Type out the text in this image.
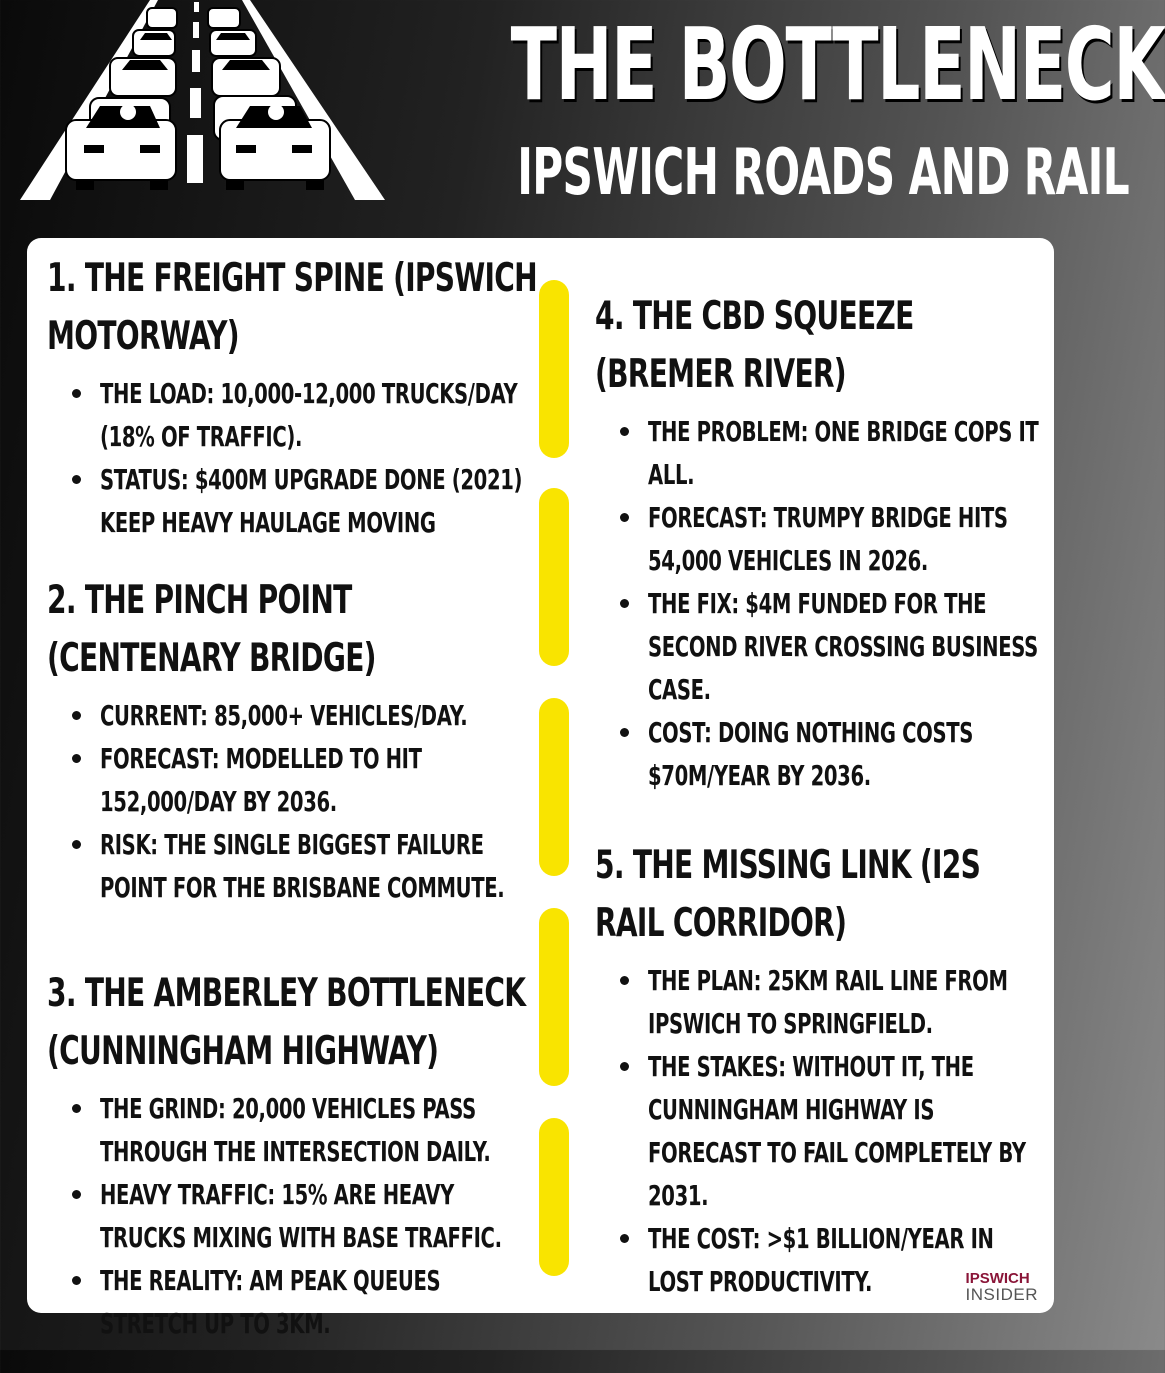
THE BOTTLENECK
IPSWICH ROADS AND RAIL
1. THE FREIGHT SPINE (IPSWICH MOTORWAY)
THE LOAD: 10,000-12,000 TRUCKS/DAY (18% OF TRAFFIC).
STATUS: $400M UPGRADE DONE (2021) KEEP HEAVY HAULAGE MOVING
2. THE PINCH POINT (CENTENARY BRIDGE)
CURRENT: 85,000+ VEHICLES/DAY.
FORECAST: MODELLED TO HIT 152,000/DAY BY 2036.
RISK: THE SINGLE BIGGEST FAILURE POINT FOR THE BRISBANE COMMUTE.
3. THE AMBERLEY BOTTLENECK (CUNNINGHAM HIGHWAY)
THE GRIND: 20,000 VEHICLES PASS THROUGH THE INTERSECTION DAILY.
HEAVY TRAFFIC: 15% ARE HEAVY TRUCKS MIXING WITH BASE TRAFFIC.
THE REALITY: AM PEAK QUEUES STRETCH UP TO 3KM.
4. THE CBD SQUEEZE (BREMER RIVER)
THE PROBLEM: ONE BRIDGE COPS IT ALL.
FORECAST: TRUMPY BRIDGE HITS 54,000 VEHICLES IN 2026.
THE FIX: $4M FUNDED FOR THE SECOND RIVER CROSSING BUSINESS CASE.
COST: DOING NOTHING COSTS $70M/YEAR BY 2036.
5. THE MISSING LINK (I2S RAIL CORRIDOR)
THE PLAN: 25KM RAIL LINE FROM IPSWICH TO SPRINGFIELD.
THE STAKES: WITHOUT IT, THE CUNNINGHAM HIGHWAY IS FORECAST TO FAIL COMPLETELY BY 2031.
THE COST: >$1 BILLION/YEAR IN LOST PRODUCTIVITY.	IPSWICH
INSIDER
